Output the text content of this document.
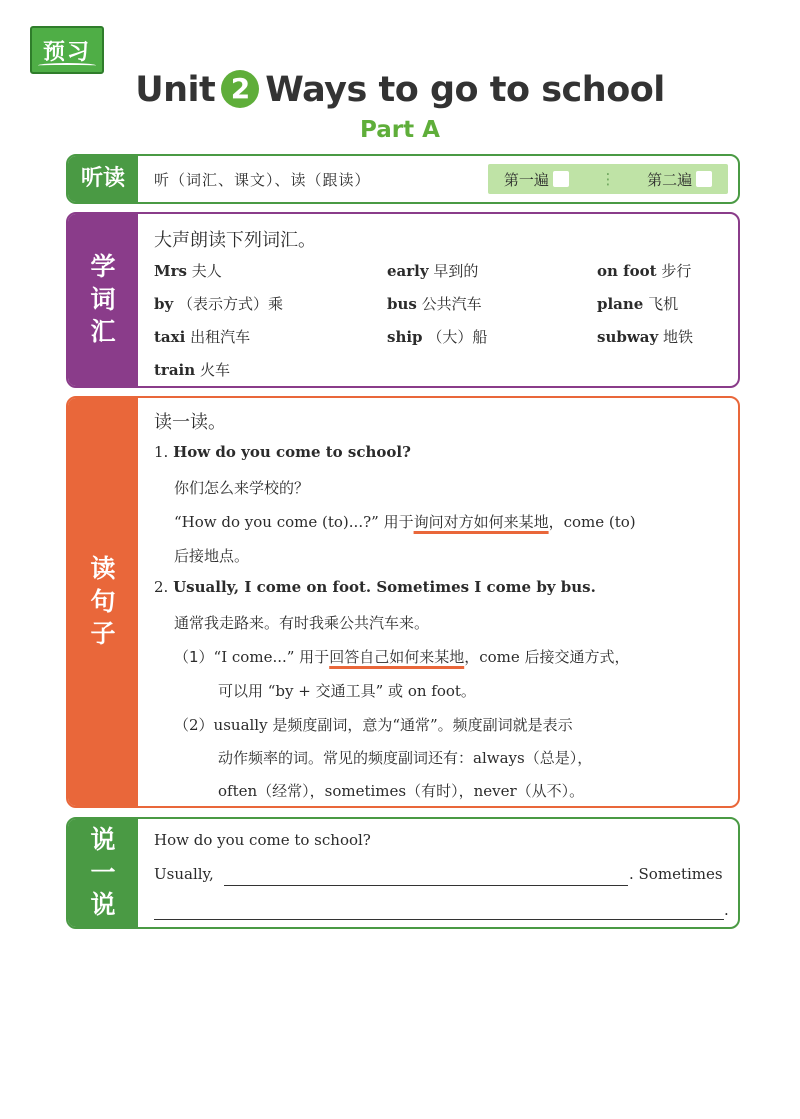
预习
Unit 2 Ways to go to school
Part A
听读	听（词汇、课文）、读（跟读）	第一遍	⋮ 第二遍
学
词
汇
大声朗读下列词汇。
Mrs 夫人	early 早到的	on foot 步行
by （表示方式）乘	bus 公共汽车	plane 飞机
taxi 出租汽车	ship （大）船	subway 地铁
train 火车
读
句
子
读一读。
1. How do you come to school?
你们怎么来学校的？
“How do you come (to)...?” 用于询问对方如何来某地，come (to)
后接地点。
2. Usually, I come on foot. Sometimes I come by bus.
通常我走路来。有时我乘公共汽车来。
（1）“I come...” 用于回答自己如何来某地，come 后接交通方式，
可以用 “by + 交通工具” 或 on foot。
（2）usually 是频度副词，意为“通常”。频度副词就是表示
动作频率的词。常见的频度副词还有：always（总是），
often（经常），sometimes（有时），never（从不）。
说
一
说
How do you come to school?
Usually,	. Sometimes
.
